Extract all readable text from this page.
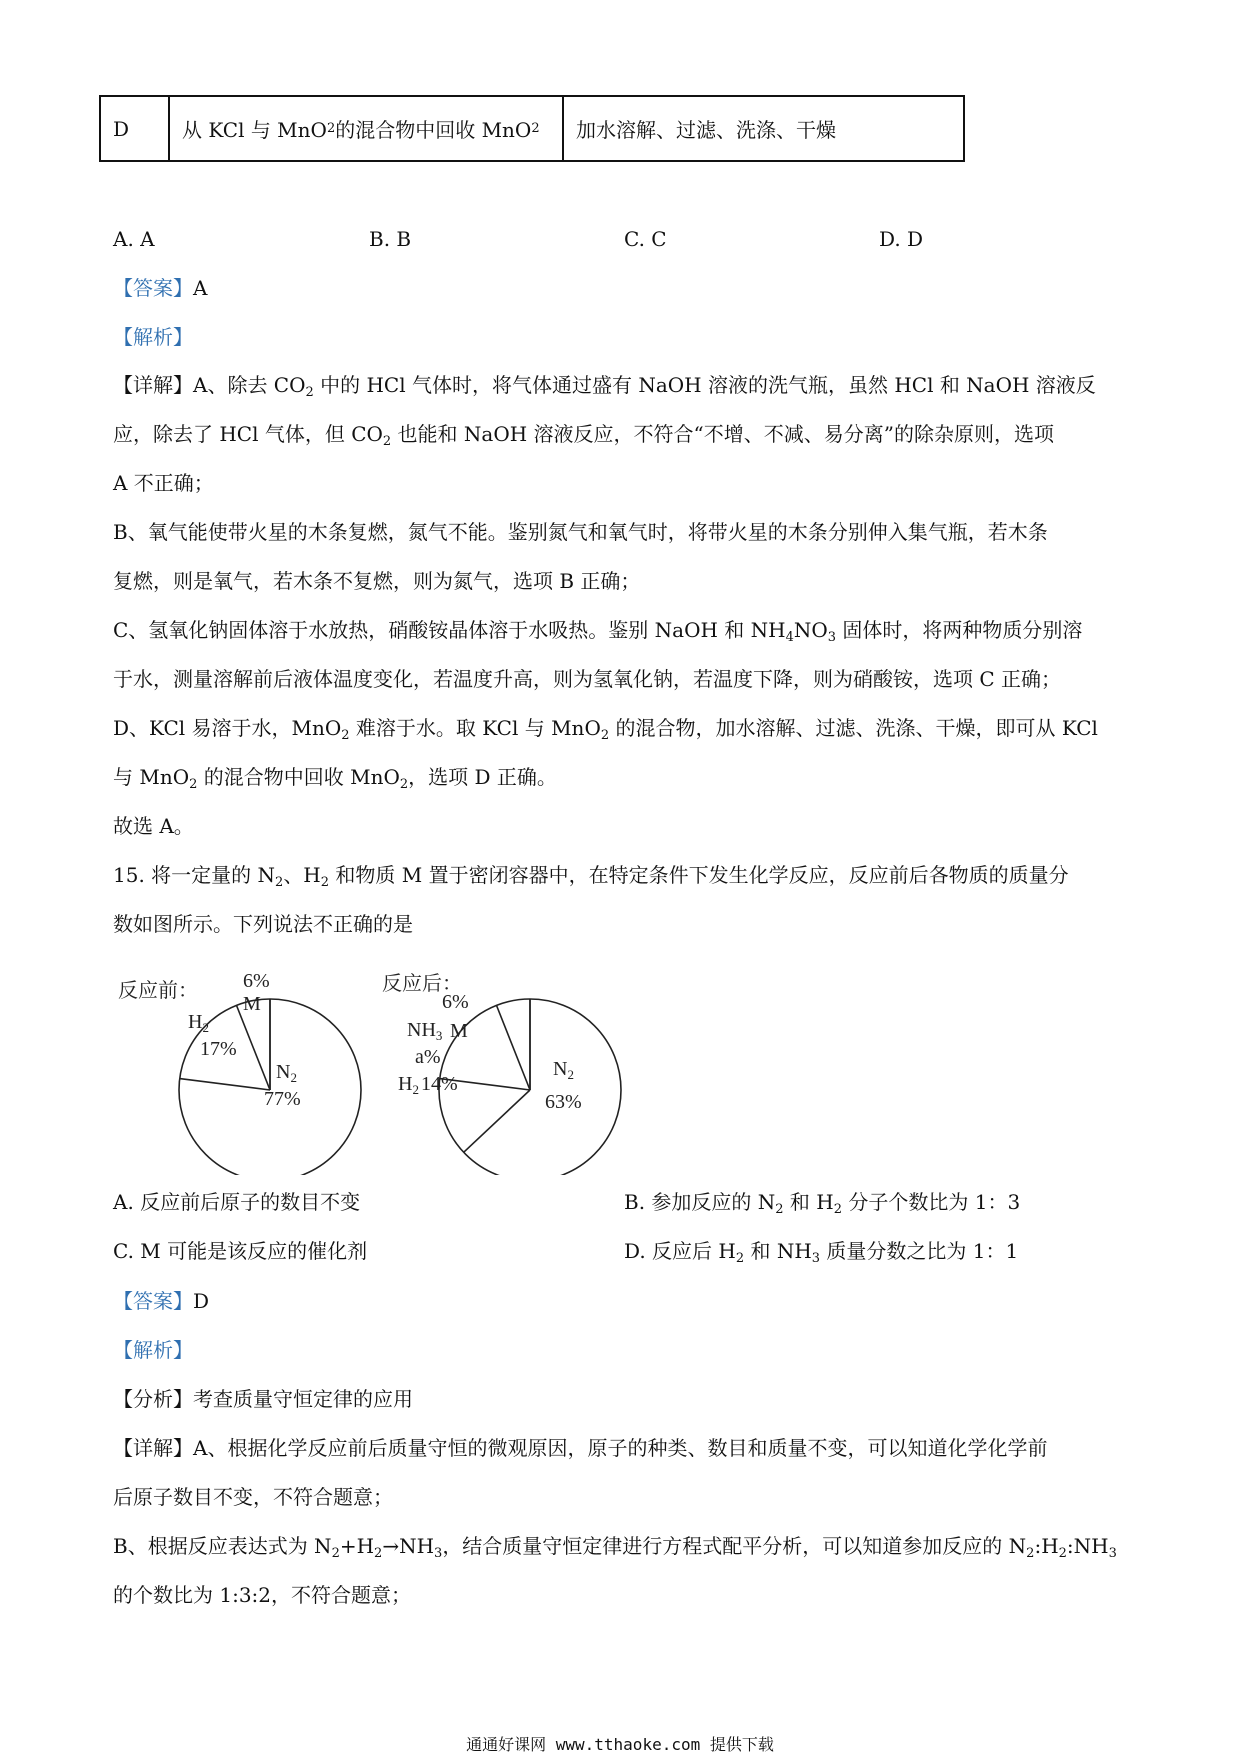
D	从 KCl 与 MnO 2 的混合物中回收 MnO 2	加水溶解、过滤、洗涤、干燥
A. A	B. B	C. C	D. D
【答案】A
【解析】
反应前：
$N_2$
77%
$H_2$
17%
M
6%	反应后：
$N_2$
63%
$H_2$ 14%
$NH_3$
a%
M
6%
【答案】D
【解析】
【分析】考查质量守恒定律的应用
通通好课网 www.tthaoke.com 提供下载
【详解】A、除去 $CO_2$ 中的 HCl 气体时，将气体通过盛有 NaOH 溶液的洗气瓶，虽然 HCl 和 NaOH 溶液反
应，除去了 HCl 气体，但 $CO_2$ 也能和 NaOH 溶液反应，不符合“不增、不减、易分离”的除杂原则，选项
A 不正确；
B、氧气能使带火星的木条复燃，氮气不能。鉴别氮气和氧气时，将带火星的木条分别伸入集气瓶，若木条
复燃，则是氧气，若木条不复燃，则为氮气，选项 B 正确；
C、氢氧化钠固体溶于水放热，硝酸铵晶体溶于水吸热。鉴别 NaOH 和 $NH_4NO_3$ 固体时，将两种物质分别溶
于水，测量溶解前后液体温度变化，若温度升高，则为氢氧化钠，若温度下降，则为硝酸铵，选项 C 正确；
D、KCl 易溶于水，MnO$_2$ 难溶于水。取 KCl 与 MnO$_2$ 的混合物，加水溶解、过滤、洗涤、干燥，即可从 KCl
与 MnO$_2$ 的混合物中回收 MnO$_2$，选项 D 正确。
故选 A。
15. 将一定量的 $N_2$、$H_2$ 和物质 M 置于密闭容器中，在特定条件下发生化学反应，反应前后各物质的质量分
数如图所示。下列说法不正确的是
A. 反应前后原子的数目不变	B. 参加反应的 $N_2$ 和 $H_2$ 分子个数比为 1：3
C. M 可能是该反应的催化剂	D. 反应后 $H_2$ 和 $NH_3$ 质量分数之比为 1：1
【详解】A、根据化学反应前后质量守恒的微观原因，原子的种类、数目和质量不变，可以知道化学化学前
后原子数目不变，不符合题意；
B、根据反应表达式为 $N_2+H_2\to NH_3$，结合质量守恒定律进行方程式配平分析，可以知道参加反应的 $N_2:H_2:NH_3$
的个数比为 1:3:2，不符合题意；
